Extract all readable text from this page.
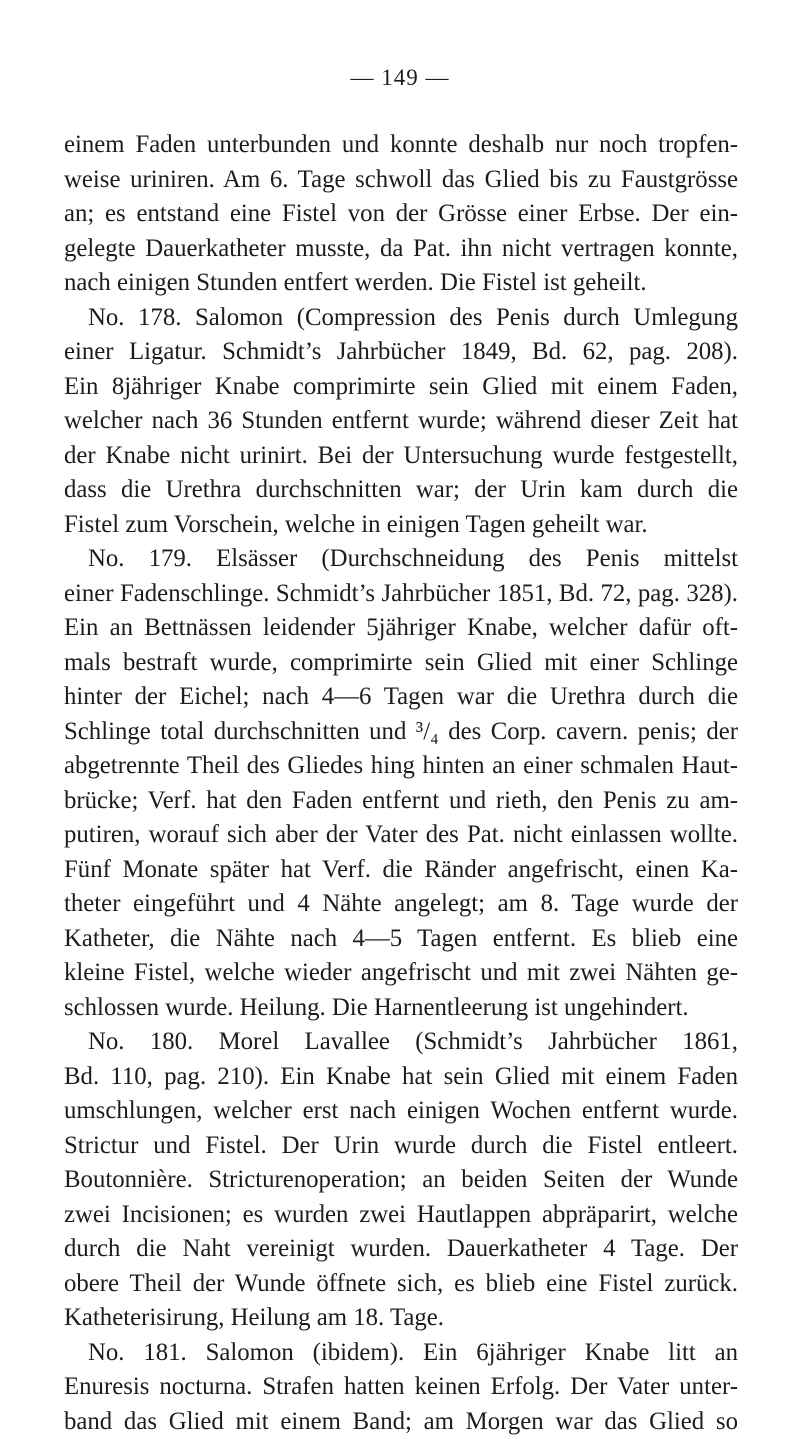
— 149 —
einem Faden unterbunden und konnte deshalb nur noch tropfen-
weise uriniren. Am 6. Tage schwoll das Glied bis zu Faustgrösse
an; es entstand eine Fistel von der Grösse einer Erbse. Der ein-
gelegte Dauerkatheter musste, da Pat. ihn nicht vertragen konnte,
nach einigen Stunden entfert werden. Die Fistel ist geheilt.
No. 178. Salomon (Compression des Penis durch Umlegung
einer Ligatur. Schmidt’s Jahrbücher 1849, Bd. 62, pag. 208).
Ein 8jähriger Knabe comprimirte sein Glied mit einem Faden,
welcher nach 36 Stunden entfernt wurde; während dieser Zeit hat
der Knabe nicht urinirt. Bei der Untersuchung wurde festgestellt,
dass die Urethra durchschnitten war; der Urin kam durch die
Fistel zum Vorschein, welche in einigen Tagen geheilt war.
No. 179. Elsässer (Durchschneidung des Penis mittelst
einer Fadenschlinge. Schmidt’s Jahrbücher 1851, Bd. 72, pag. 328).
Ein an Bettnässen leidender 5jähriger Knabe, welcher dafür oft-
mals bestraft wurde, comprimirte sein Glied mit einer Schlinge
hinter der Eichel; nach 4—6 Tagen war die Urethra durch die
Schlinge total durchschnitten und ³/₄ des Corp. cavern. penis; der
abgetrennte Theil des Gliedes hing hinten an einer schmalen Haut-
brücke; Verf. hat den Faden entfernt und rieth, den Penis zu am-
putiren, worauf sich aber der Vater des Pat. nicht einlassen wollte.
Fünf Monate später hat Verf. die Ränder angefrischt, einen Ka-
theter eingeführt und 4 Nähte angelegt; am 8. Tage wurde der
Katheter, die Nähte nach 4—5 Tagen entfernt. Es blieb eine
kleine Fistel, welche wieder angefrischt und mit zwei Nähten ge-
schlossen wurde. Heilung. Die Harnentleerung ist ungehindert.
No. 180. Morel Lavallee (Schmidt’s Jahrbücher 1861,
Bd. 110, pag. 210). Ein Knabe hat sein Glied mit einem Faden
umschlungen, welcher erst nach einigen Wochen entfernt wurde.
Strictur und Fistel. Der Urin wurde durch die Fistel entleert.
Boutonnière. Stricturenoperation; an beiden Seiten der Wunde
zwei Incisionen; es wurden zwei Hautlappen abpräparirt, welche
durch die Naht vereinigt wurden. Dauerkatheter 4 Tage. Der
obere Theil der Wunde öffnete sich, es blieb eine Fistel zurück.
Katheterisirung, Heilung am 18. Tage.
No. 181. Salomon (ibidem). Ein 6jähriger Knabe litt an
Enuresis nocturna. Strafen hatten keinen Erfolg. Der Vater unter-
band das Glied mit einem Band; am Morgen war das Glied so
